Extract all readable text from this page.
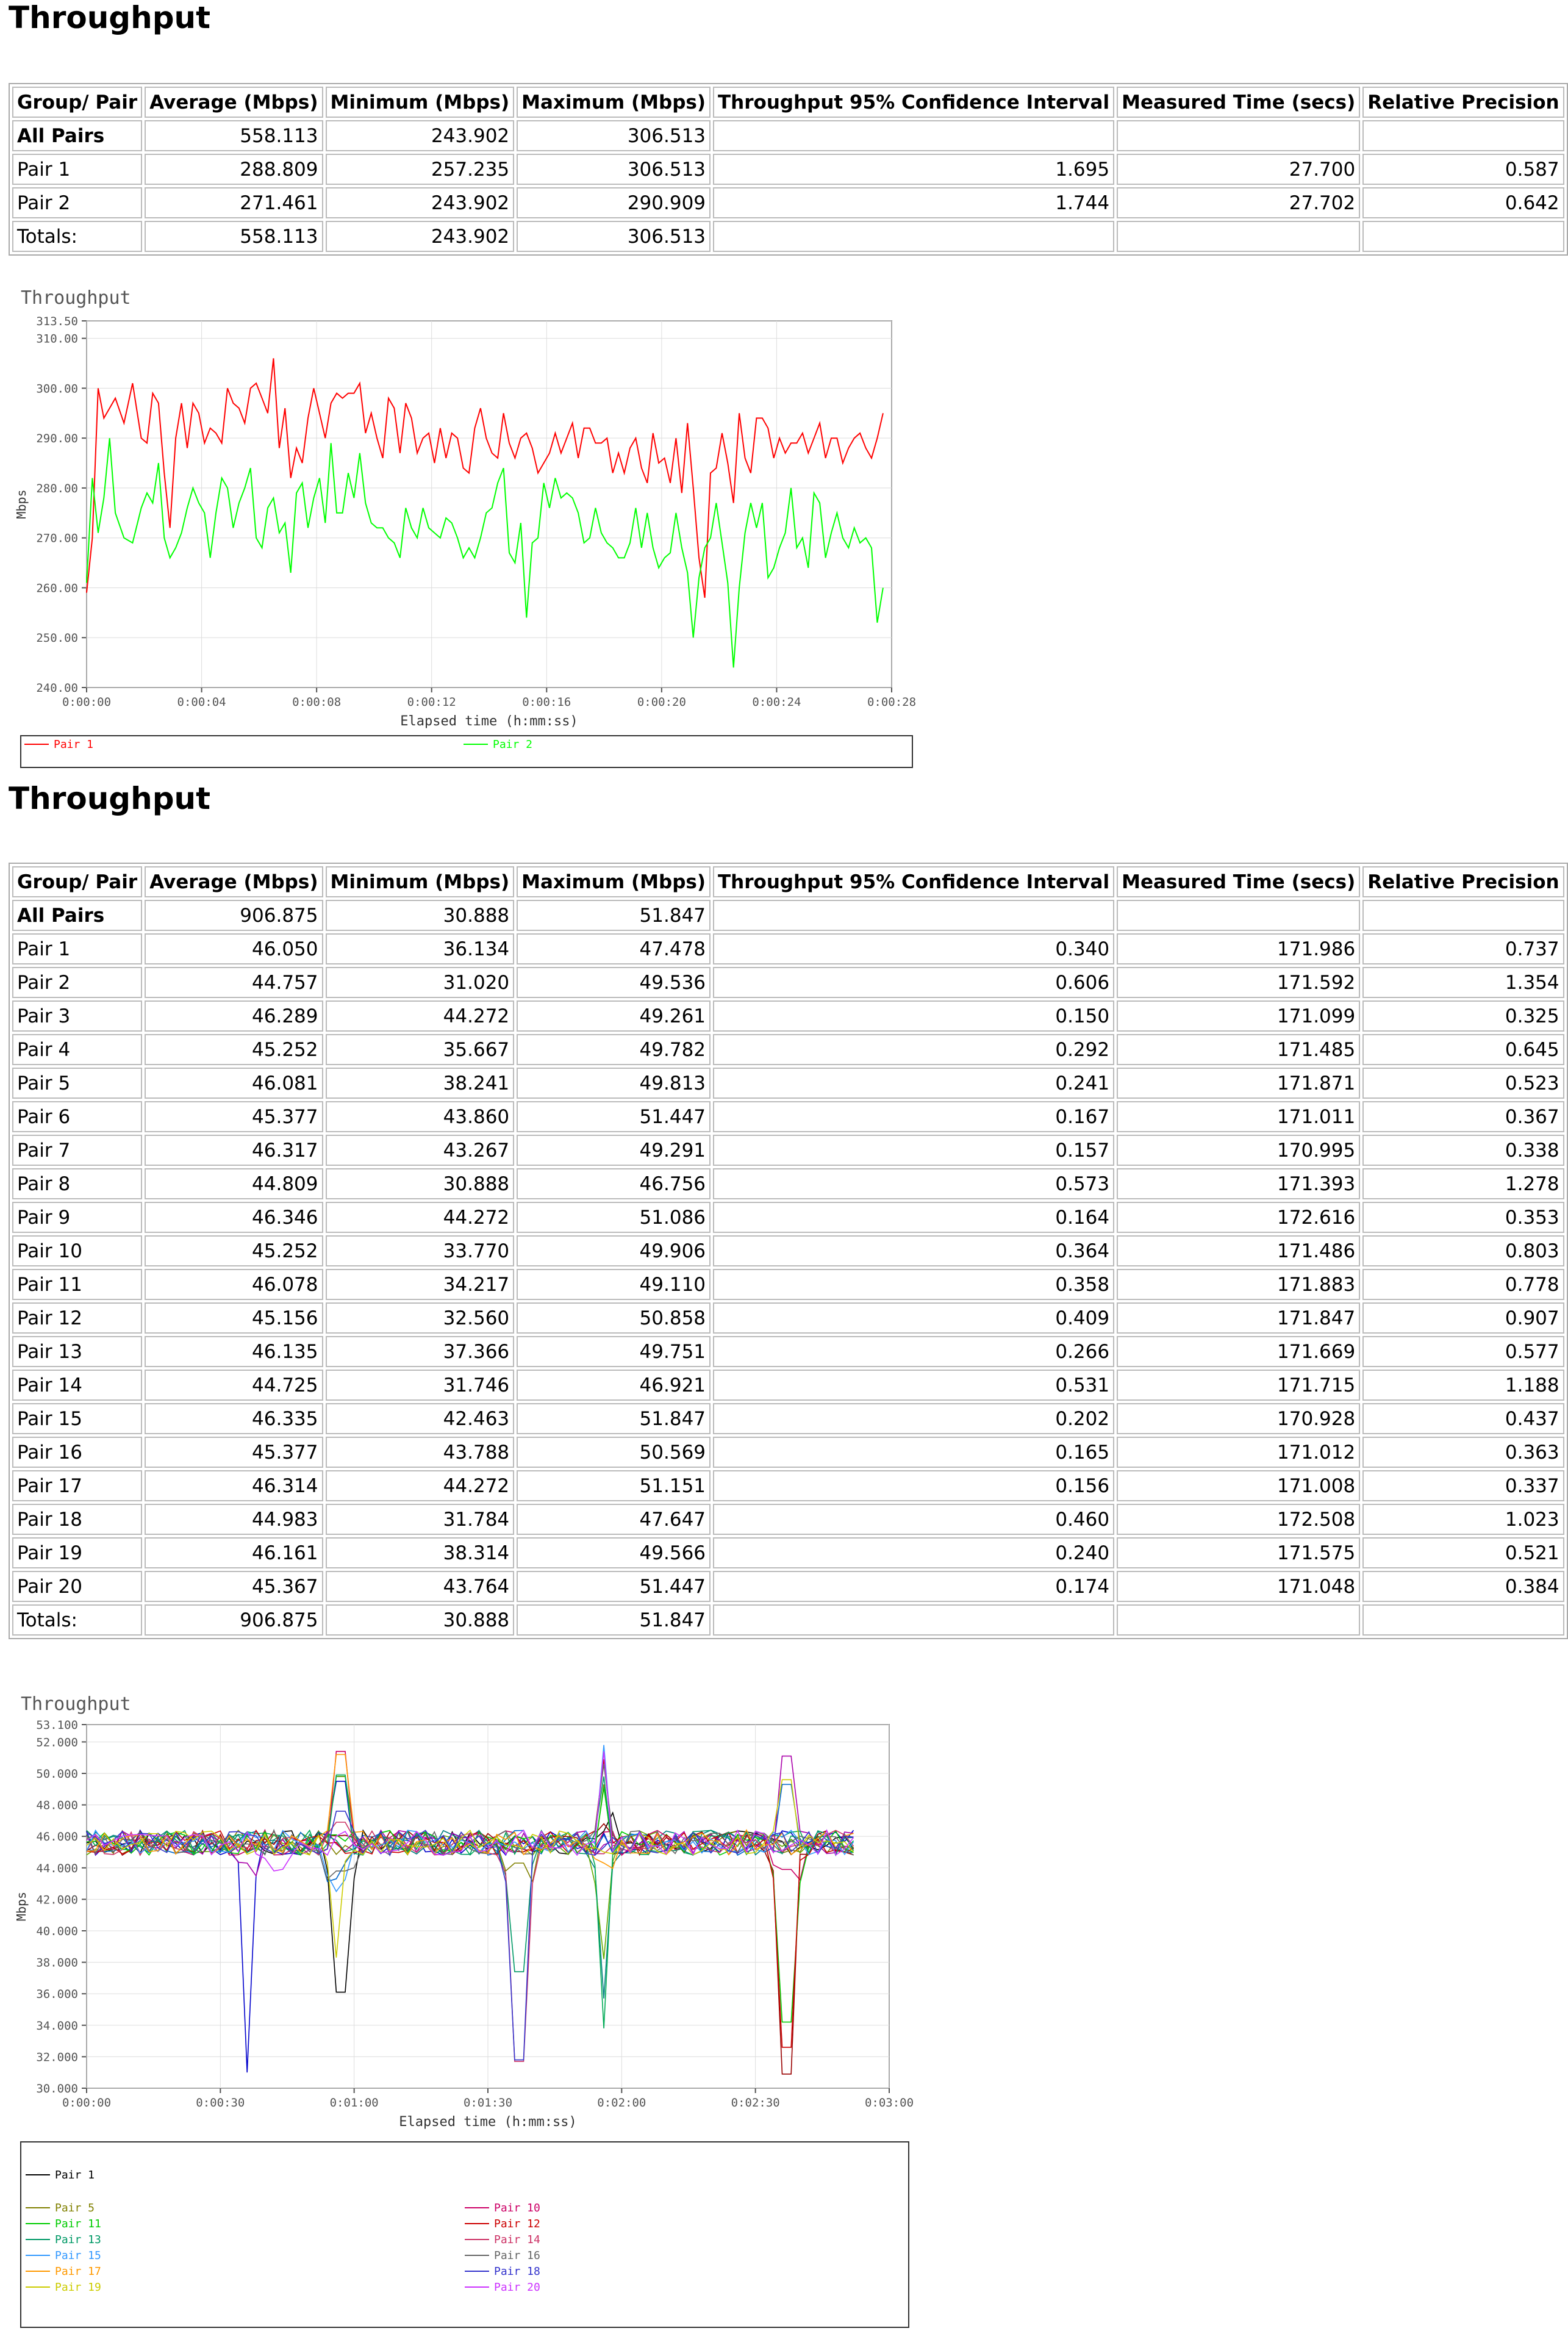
Throughput
Group/ Pair	Average (Mbps)	Minimum (Mbps)	Maximum (Mbps)	Throughput 95% Confidence Interval	Measured Time (secs)	Relative Precision
All Pairs	558.113	243.902	306.513			
Pair 1	288.809	257.235	306.513	1.695	27.700	0.587
Pair 2	271.461	243.902	290.909	1.744	27.702	0.642
Totals:	558.113	243.902	306.513			
Throughput
313.50
310.00
300.00
290.00
280.00
270.00
260.00
250.00
240.00
0:00:00	0:00:04	0:00:08	0:00:12	0:00:16	0:00:20	0:00:24	0:00:28
Elapsed time (h:mm:ss)
Mbps
Pair 1	Pair 2
Throughput
Group/ Pair	Average (Mbps)	Minimum (Mbps)	Maximum (Mbps)	Throughput 95% Confidence Interval	Measured Time (secs)	Relative Precision
All Pairs	906.875	30.888	51.847			
Pair 1	46.050	36.134	47.478	0.340	171.986	0.737
Pair 2	44.757	31.020	49.536	0.606	171.592	1.354
Pair 3	46.289	44.272	49.261	0.150	171.099	0.325
Pair 4	45.252	35.667	49.782	0.292	171.485	0.645
Pair 5	46.081	38.241	49.813	0.241	171.871	0.523
Pair 6	45.377	43.860	51.447	0.167	171.011	0.367
Pair 7	46.317	43.267	49.291	0.157	170.995	0.338
Pair 8	44.809	30.888	46.756	0.573	171.393	1.278
Pair 9	46.346	44.272	51.086	0.164	172.616	0.353
Pair 10	45.252	33.770	49.906	0.364	171.486	0.803
Pair 11	46.078	34.217	49.110	0.358	171.883	0.778
Pair 12	45.156	32.560	50.858	0.409	171.847	0.907
Pair 13	46.135	37.366	49.751	0.266	171.669	0.577
Pair 14	44.725	31.746	46.921	0.531	171.715	1.188
Pair 15	46.335	42.463	51.847	0.202	170.928	0.437
Pair 16	45.377	43.788	50.569	0.165	171.012	0.363
Pair 17	46.314	44.272	51.151	0.156	171.008	0.337
Pair 18	44.983	31.784	47.647	0.460	172.508	1.023
Pair 19	46.161	38.314	49.566	0.240	171.575	0.521
Pair 20	45.367	43.764	51.447	0.174	171.048	0.384
Totals:	906.875	30.888	51.847			
Throughput
53.100
52.000
50.000
48.000
46.000
44.000
42.000
40.000
38.000
36.000
34.000
32.000
30.000
0:00:00	0:00:30	0:01:00	0:01:30	0:02:00	0:02:30	0:03:00
Elapsed time (h:mm:ss)
Mbps
Pair 1
Pair 5
Pair 11
Pair 13
Pair 15
Pair 17
Pair 19
Pair 10
Pair 12
Pair 14
Pair 16
Pair 18
Pair 20
